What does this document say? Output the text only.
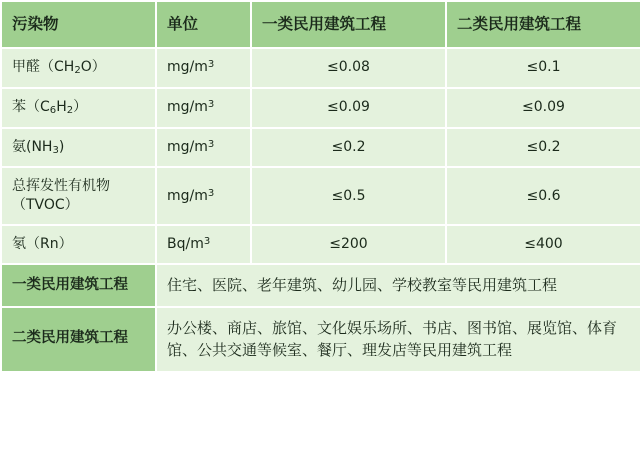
污染物	单位	一类民用建筑工程	二类民用建筑工程

甲醛$(CH_2O)$	$mg/m^3$	≤0.08	≤0.1

苯$(C_6H_2)$	$mg/m^3$	≤0.09	≤0.09

氨$(NH_3)$	$mg/m^3$	≤0.2	≤0.2

总挥发性有机物（TVOC）	$mg/m^3$	≤0.5	≤0.6

氡（Rn）	$Bq/m^3$	≤200	≤400

一类民用建筑工程	住宅、医院、老年建筑、幼儿园、学校教室等民用建筑工程		

二类民用建筑工程	办公楼、商店、旅馆、文化娱乐场所、书店、图书馆、展览馆、体育馆、公共交通等候室、餐厅、理发店等民用建筑工程		
